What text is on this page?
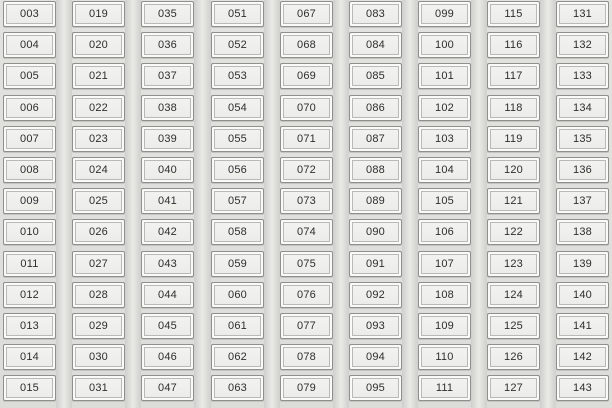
003
004
005
006
007
008
009
010
011
012
013
014
015
019
020
021
022
023
024
025
026
027
028
029
030
031
035
036
037
038
039
040
041
042
043
044
045
046
047
051
052
053
054
055
056
057
058
059
060
061
062
063
067
068
069
070
071
072
073
074
075
076
077
078
079
083
084
085
086
087
088
089
090
091
092
093
094
095
099
100
101
102
103
104
105
106
107
108
109
110
111
115
116
117
118
119
120
121
122
123
124
125
126
127
131
132
133
134
135
136
137
138
139
140
141
142
143
